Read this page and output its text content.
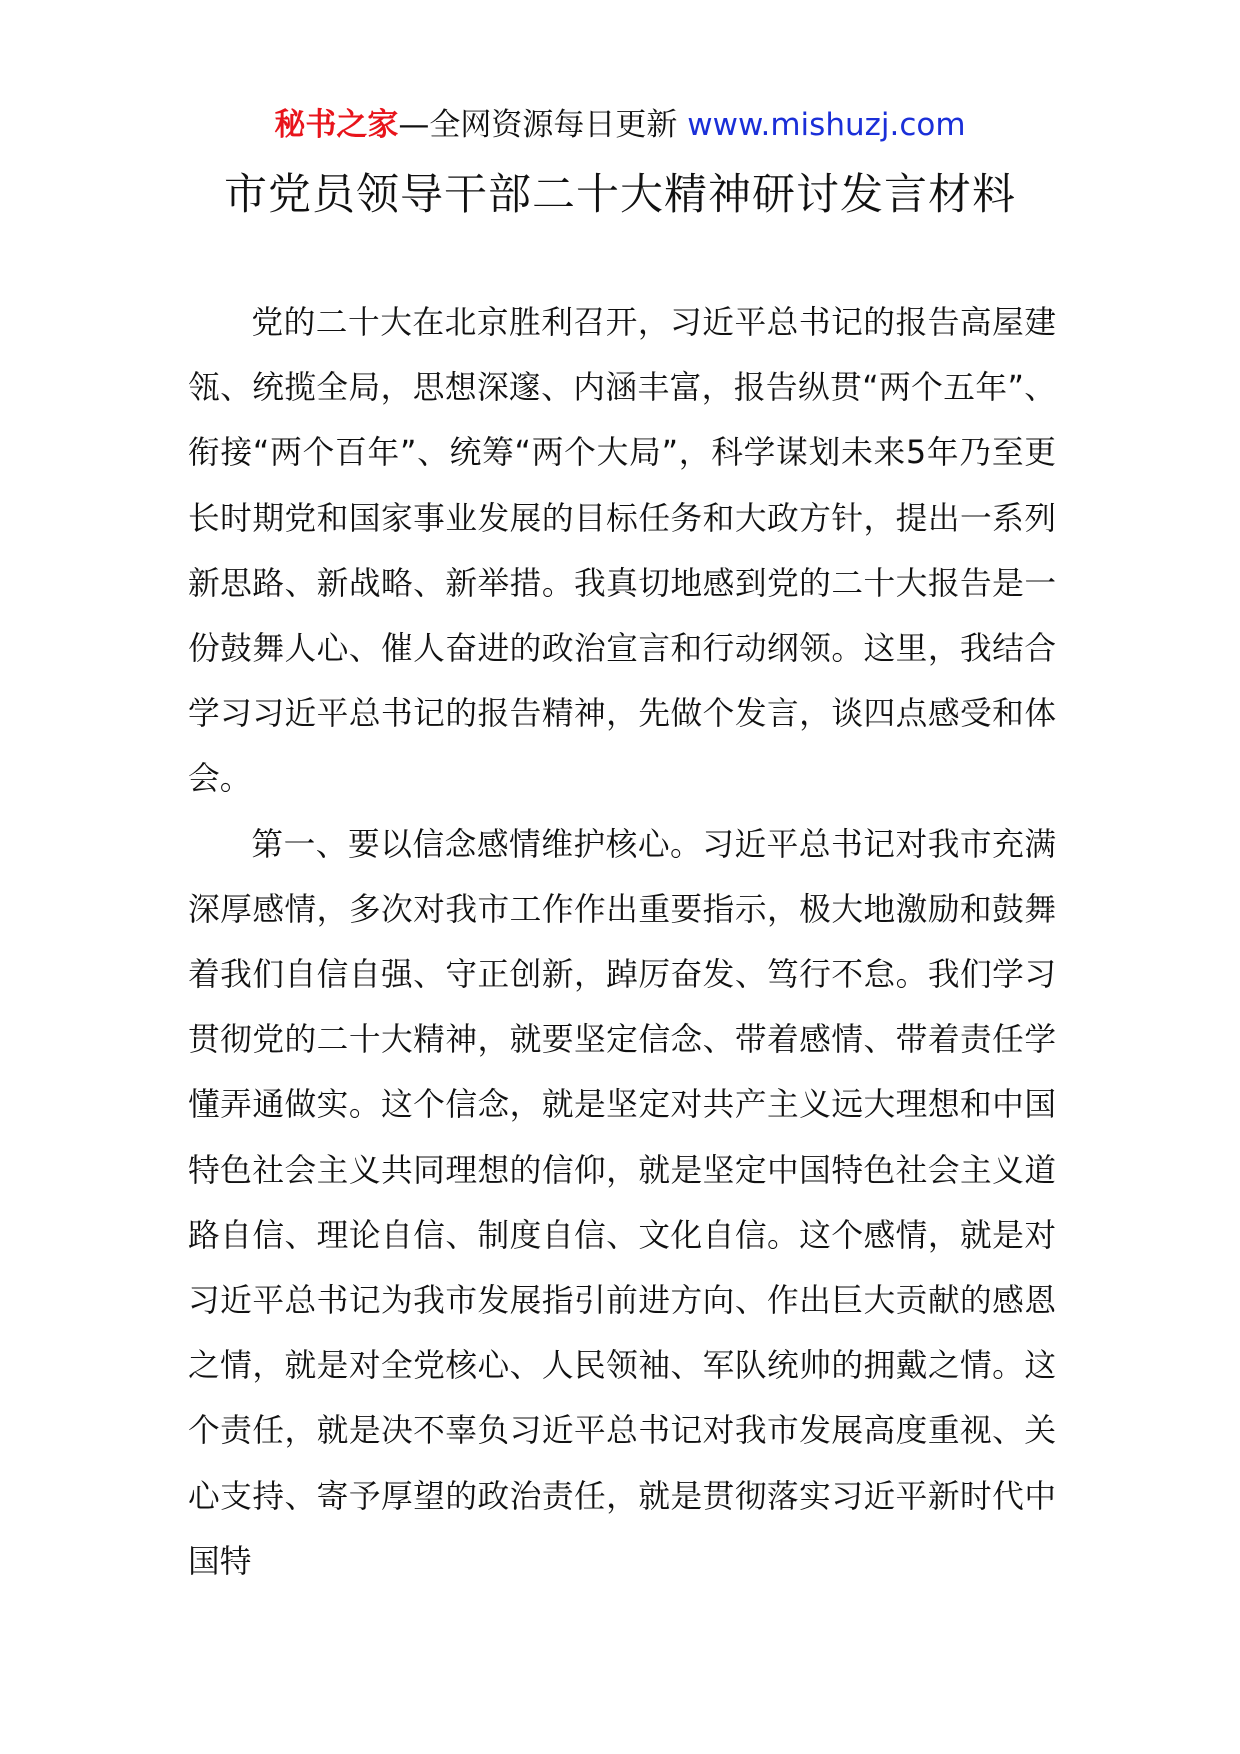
秘书之家—全网资源每日更新 www.mishuzj.com
市党员领导干部二十大精神研讨发言材料

党的二十大在北京胜利召开，习近平总书记的报告高屋建瓴、统揽全局，思想深邃、内涵丰富，报告纵贯“两个五年”、衔接“两个百年”、统筹“两个大局”，科学谋划未来5年乃至更长时期党和国家事业发展的目标任务和大政方针，提出一系列新思路、新战略、新举措。我真切地感到党的二十大报告是一份鼓舞人心、催人奋进的政治宣言和行动纲领。这里，我结合学习习近平总书记的报告精神，先做个发言，谈四点感受和体会。

第一、要以信念感情维护核心。习近平总书记对我市充满深厚感情，多次对我市工作作出重要指示，极大地激励和鼓舞着我们自信自强、守正创新，踔厉奋发、笃行不怠。我们学习贯彻党的二十大精神，就要坚定信念、带着感情、带着责任学懂弄通做实。这个信念，就是坚定对共产主义远大理想和中国特色社会主义共同理想的信仰，就是坚定中国特色社会主义道路自信、理论自信、制度自信、文化自信。这个感情，就是对习近平总书记为我市发展指引前进方向、作出巨大贡献的感恩之情，就是对全党核心、人民领袖、军队统帅的拥戴之情。这个责任，就是决不辜负习近平总书记对我市发展高度重视、关心支持、寄予厚望的政治责任，就是贯彻落实习近平新时代中国特
